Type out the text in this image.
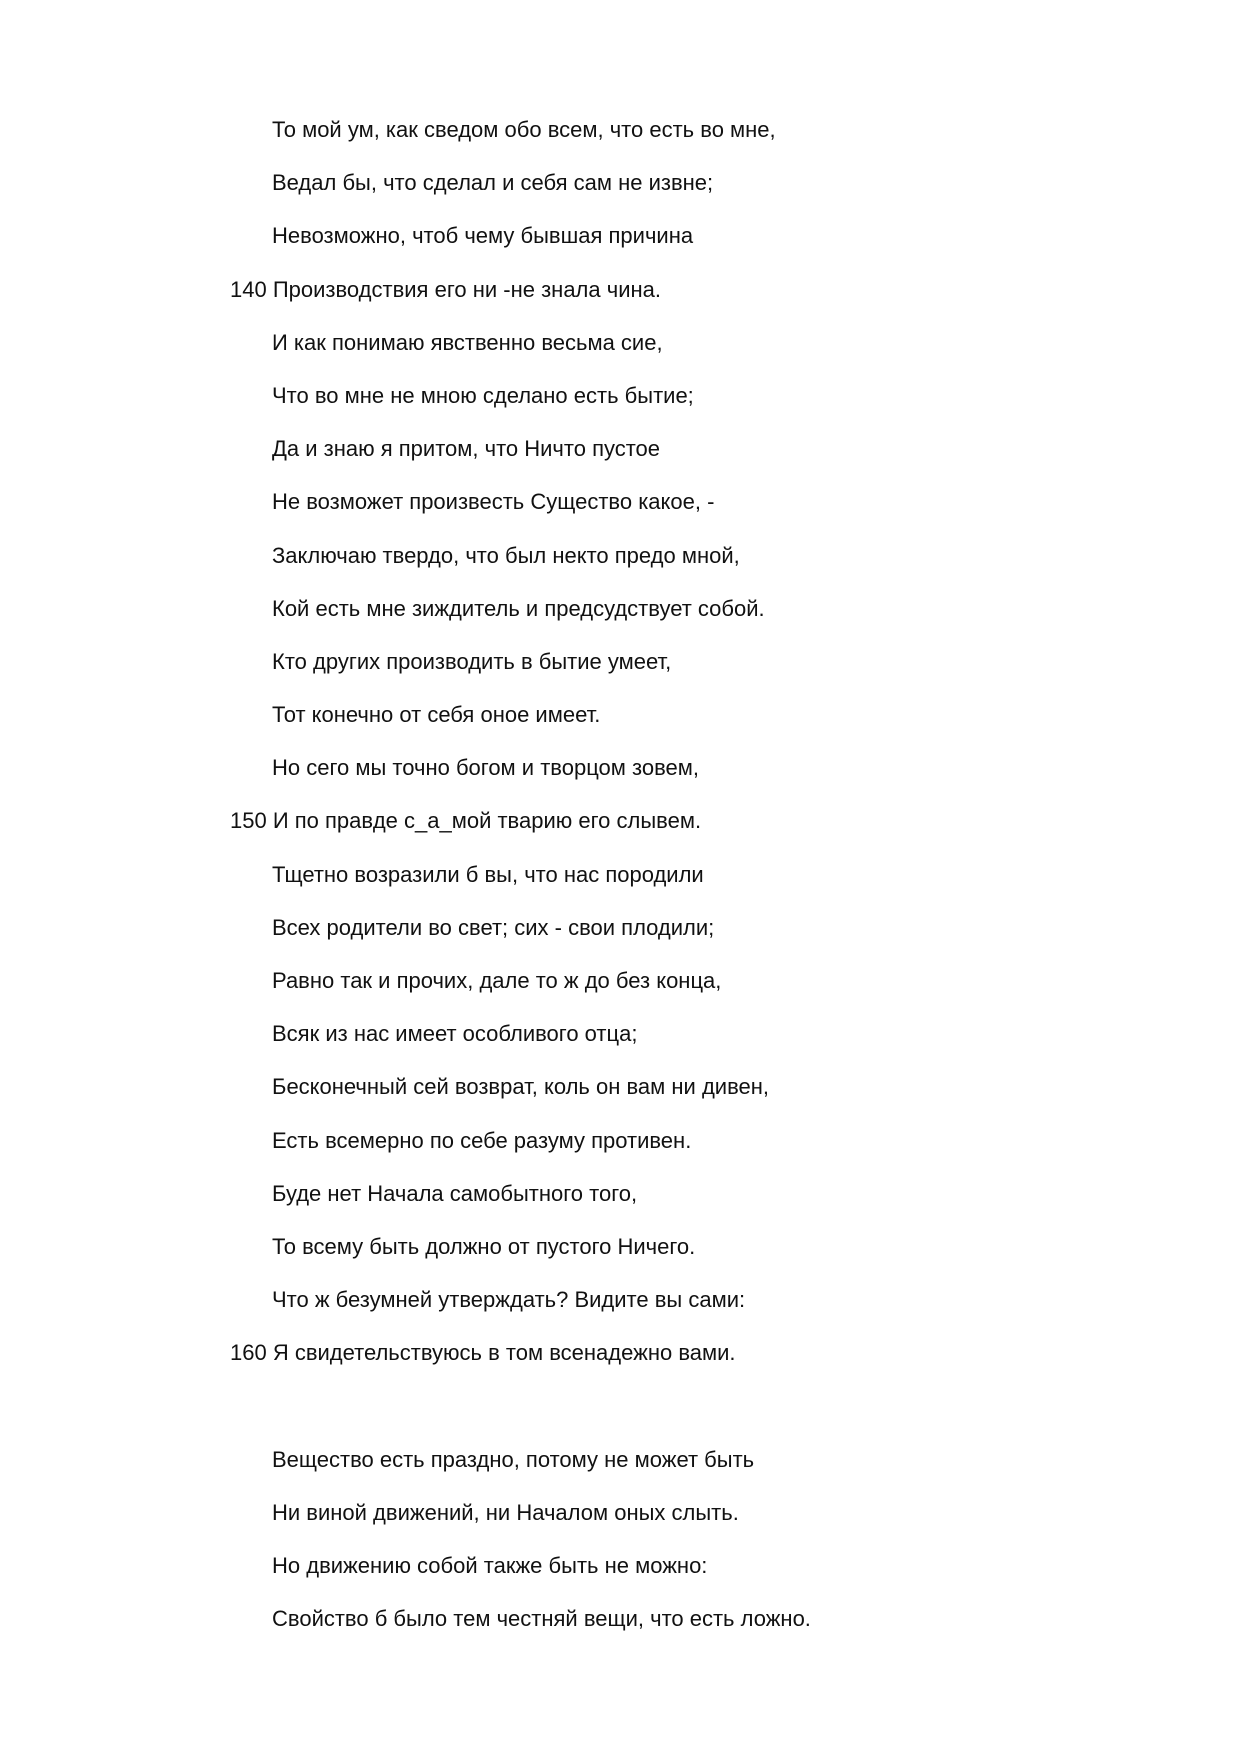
То мой ум, как сведом обо всем, что есть во мне,
Ведал бы, что сделал и себя сам не извне;
Невозможно, чтоб чему бывшая причина
140 Производствия его ни -не знала чина.
И как понимаю явственно весьма сие,
Что во мне не мною сделано есть бытие;
Да и знаю я притом, что Ничто пустое
Не возможет произвесть Существо какое, -
Заключаю твердо, что был некто предо мной,
Кой есть мне зиждитель и предсудствует собой.
Кто других производить в бытие умеет,
Тот конечно от себя оное имеет.
Но сего мы точно богом и творцом зовем,
150 И по правде с_а_мой тварию его слывем.
Тщетно возразили б вы, что нас породили
Всех родители во свет; сих - свои плодили;
Равно так и прочих, дале то ж до без конца,
Всяк из нас имеет особливого отца;
Бесконечный сей возврат, коль он вам ни дивен,
Есть всемерно по себе разуму противен.
Буде нет Начала самобытного того,
То всему быть должно от пустого Ничего.
Что ж безумней утверждать? Видите вы сами:
160 Я свидетельствуюсь в том всенадежно вами.
Вещество есть праздно, потому не может быть
Ни виной движений, ни Началом оных слыть.
Но движению собой также быть не можно:
Свойство б было тем честняй вещи, что есть ложно.
